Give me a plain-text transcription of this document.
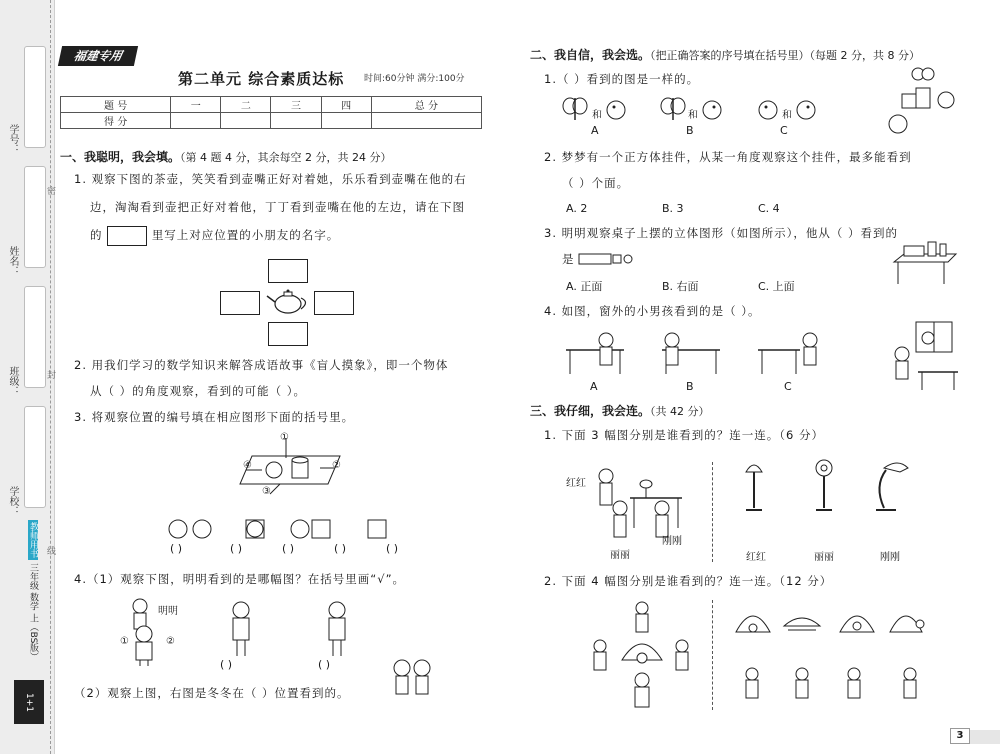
学号：
姓名：
班级：
学校：
密
封
线
教师用书 三年级 数学 上（BS版）
1+1
福建专用
第二单元 综合素质达标 时间:60分钟 满分:100分
题 号	一	二	三	四	总 分
得 分					
一、我聪明，我会填。（第 4 题 4 分，其余每空 2 分，共 24 分）
1. 观察下图的茶壶，笑笑看到壶嘴正好对着她，乐乐看到壶嘴在他的右
边，淘淘看到壶把正好对着他，丁丁看到壶嘴在他的左边，请在下图
的	里写上对应位置的小朋友的名字。
2. 用我们学习的数学知识来解答成语故事《盲人摸象》，即一个物体
从（ ）的角度观察，看到的可能（ ）。
3. 将观察位置的编号填在相应图形下面的括号里。
①
②
③
④
( )	( )	( )	( )	( )
4.（1）观察下图，明明看到的是哪幅图？在括号里画“√”。
明明
①	②
( )	( )
（2）观察上图，右图是冬冬在（ ）位置看到的。
二、我自信，我会选。（把正确答案的序号填在括号里）（每题 2 分，共 8 分）
1.（ ）看到的图是一样的。
和
A
和
B
和
C
2. 梦梦有一个正方体挂件，从某一角度观察这个挂件，最多能看到
（ ）个面。
A. 2	B. 3	C. 4
3. 明明观察桌子上摆的立体图形（如图所示），他从（ ）看到的
是
A. 正面	B. 右面	C. 上面
4. 如图，窗外的小男孩看到的是（ ）。
A	B	C
三、我仔细，我会连。（共 42 分）
1. 下面 3 幅图分别是谁看到的？连一连。（6 分）
红红
丽丽
刚刚
红红	丽丽	刚刚
2. 下面 4 幅图分别是谁看到的？连一连。（12 分）
3
